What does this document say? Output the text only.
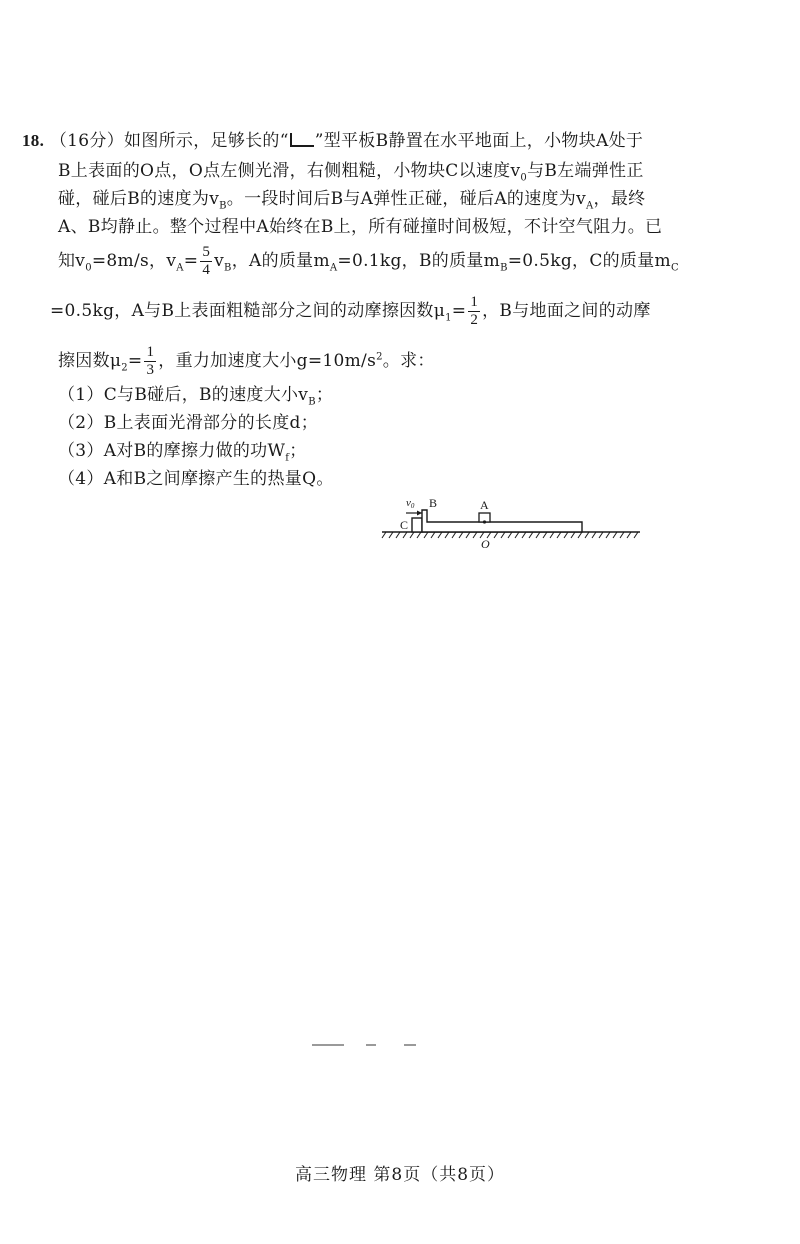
18. （16分）如图所示，足够长的“ ”型平板B静置在水平地面上，小物块A处于
B上表面的O点，O点左侧光滑，右侧粗糙，小物块C以速度$v_0$与B左端弹性正
碰，碰后B的速度为$v_B$。一段时间后B与A弹性正碰，碰后A的速度为$v_A$，最终
A、B均静止。整个过程中A始终在B上，所有碰撞时间极短，不计空气阻力。已
知$v_0=8m/s$，$v_A= \frac{5}{4} v_B$，A的质量$m_A=0.1kg$，B的质量$m_B=0.5kg$，C的质量$m_C$
=0.5kg，A与B上表面粗糙部分之间的动摩擦因数$\mu_1= \frac{1}{2}$ ，B与地面之间的动摩
擦因数$\mu_2= \frac{1}{3}$ ，重力加速度大小$g=10m/s^2$。求：
（1）C与B碰后，B的速度大小$v_B$；
（2）B上表面光滑部分的长度d；
（3）A对B的摩擦力做的功$W_f$；
（4）A和B之间摩擦产生的热量Q。
C
v0 B	A
O
高三物理 第8页（共8页）
